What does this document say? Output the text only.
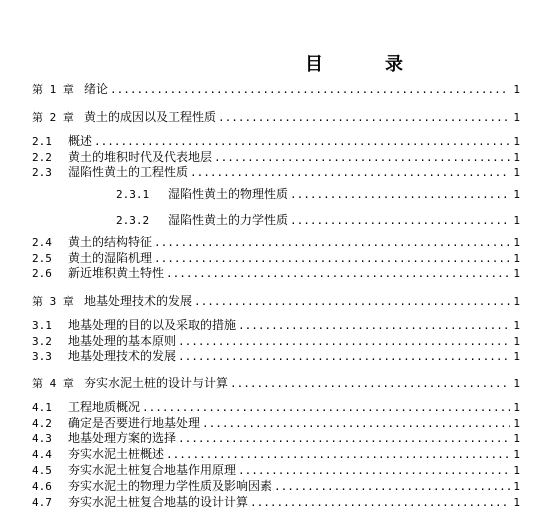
目　录
第 1 章 绪论 .....	1
第 2 章 黄土的成因以及工程性质 .....	1
2.1	概述 .....	1
2.2	黄土的堆积时代及代表地层 .....	1
2.3	湿陷性黄土的工程性质 .....	1
2.3.1	湿陷性黄土的物理性质 .....	1
2.3.2	湿陷性黄土的力学性质 .....	1
2.4	黄土的结构特征 .....	1
2.5	黄土的湿陷机理 .....	1
2.6	新近堆积黄土特性 .....	1
第 3 章 地基处理技术的发展 .....	1
3.1	地基处理的目的以及采取的措施 .....	1
3.2	地基处理的基本原则 .....	1
3.3	地基处理技术的发展 .....	1
第 4 章 夯实水泥土桩的设计与计算 .....	1
4.1	工程地质概况 .....	1
4.2	确定是否要进行地基处理 .....	1
4.3	地基处理方案的选择 .....	1
4.4	夯实水泥土桩概述 .....	1
4.5	夯实水泥土桩复合地基作用原理 .....	1
4.6	夯实水泥土的物理力学性质及影响因素 .....	1
4.7	夯实水泥土桩复合地基的设计计算 .....	1
